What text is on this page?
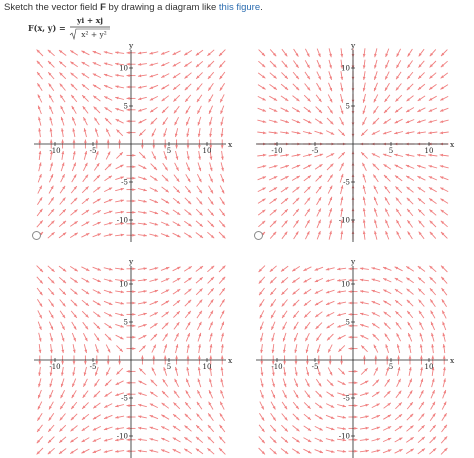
Sketch the vector field F by drawing a diagram like this figure.
F(x, y) =
yi + xj
x² + y²
x
y
-10	-5	5	10
10
5
-5
-10
x
y
-10	-5	5	10
10
5
-5
-10
x
y
-10	-5	5	10
10
5
-5
-10
x
y
-10	-5	5	10
10
5
-5
-10
